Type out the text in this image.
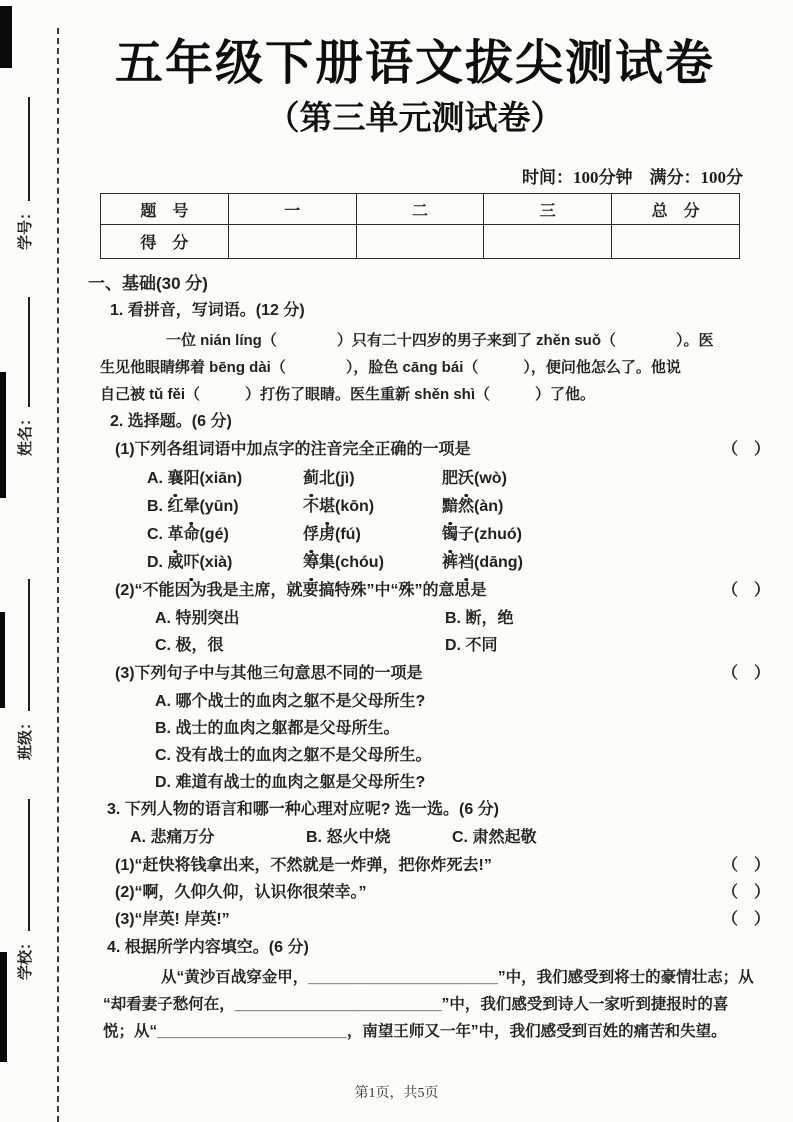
学号：
姓名：
班级：
学校：
五年级下册语文拔尖测试卷
（第三单元测试卷）
时间：100分钟　满分：100分
题　号	一	二	三	总　分
得　分				
一、基础(30 分)
1. 看拼音，写词语。(12 分)
一位 nián líng（　　　　）只有二十四岁的男子来到了 zhěn suǒ（　　　　）。医
生见他眼睛绑着 bēng dài（　　　　），脸色 cāng bái（　　　），便问他怎么了。他说
自己被 tǔ fěi（　　　）打伤了眼睛。医生重新 shěn shì（　　　）了他。
2. 选择题。(6 分)
(1)下列各组词语中加点字的注音完全正确的一项是	（　）
A. 襄阳(xiān)	蓟北(jì)	肥沃(wò)
B. 红晕(yūn)	不堪(kōn)	黯然(àn)
C. 革命(gé)	俘虏(fú)	镯子(zhuó)
D. 威吓(xià)	筹集(chóu)	裤裆(dāng)
(2)“不能因为我是主席，就要搞特殊”中“殊”的意思是	（　）
A. 特别突出	B. 断，绝
C. 极，很	D. 不同
(3)下列句子中与其他三句意思不同的一项是	（　）
A. 哪个战士的血肉之躯不是父母所生?
B. 战士的血肉之躯都是父母所生。
C. 没有战士的血肉之躯不是父母所生。
D. 难道有战士的血肉之躯是父母所生?
3. 下列人物的语言和哪一种心理对应呢? 选一选。(6 分)
A. 悲痛万分	B. 怒火中烧	C. 肃然起敬
(1)“赶快将钱拿出来，不然就是一炸弹，把你炸死去!”	（　）
(2)“啊，久仰久仰，认识你很荣幸。”	（　）
(3)“岸英! 岸英!”	（　）
4. 根据所学内容填空。(6 分)
从“黄沙百战穿金甲，______________________”中，我们感受到将士的豪情壮志；从
“却看妻子愁何在，________________________”中，我们感受到诗人一家听到捷报时的喜
悦；从“______________________，南望王师又一年”中，我们感受到百姓的痛苦和失望。
第1页，共5页
